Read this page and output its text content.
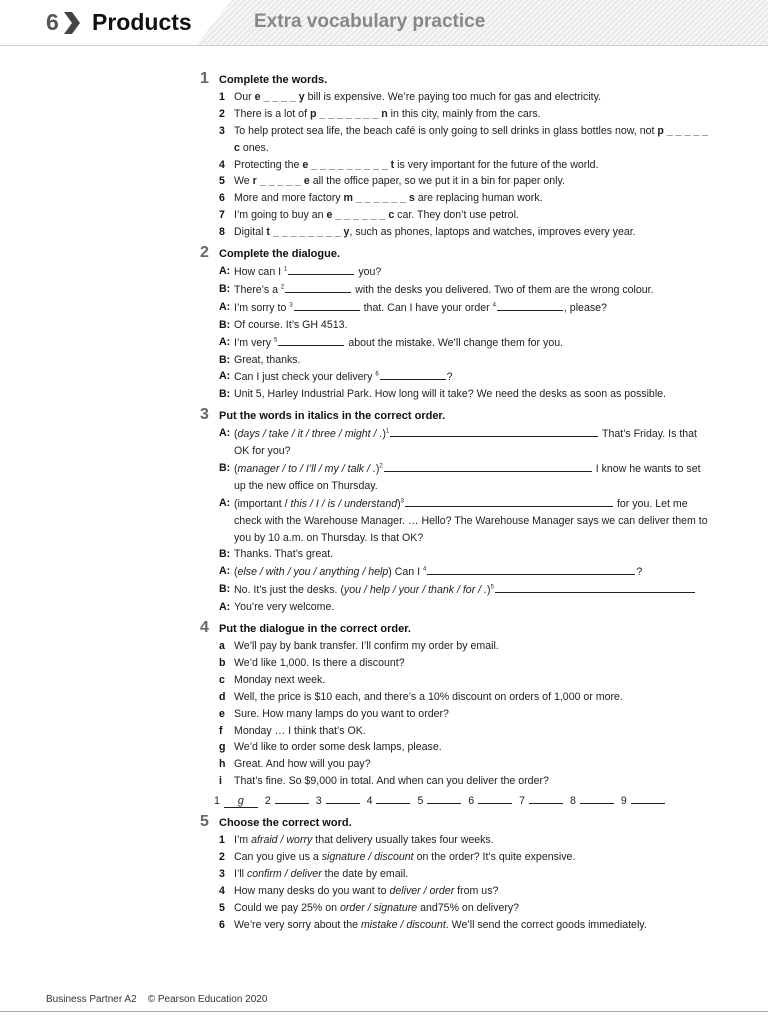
6 Products	Extra vocabulary practice
1 Complete the words.
1 Our e _ _ _ _ y bill is expensive. We’re paying too much for gas and electricity.
2 There is a lot of p _ _ _ _ _ _ _ n in this city, mainly from the cars.
3 To help protect sea life, the beach café is only going to sell drinks in glass bottles now, not p _ _ _ _ _ c ones.
4 Protecting the e _ _ _ _ _ _ _ _ _ t is very important for the future of the world.
5 We r _ _ _ _ _ e all the office paper, so we put it in a bin for paper only.
6 More and more factory m _ _ _ _ _ _ s are replacing human work.
7 I’m going to buy an e _ _ _ _ _ _ c car. They don’t use petrol.
8 Digital t _ _ _ _ _ _ _ _ y, such as phones, laptops and watches, improves every year.
2 Complete the dialogue.
A: How can I $^1$	you?
B: There’s a $^2$	with the desks you delivered. Two of them are the wrong colour.
A: I’m sorry to $^3$	that. Can I have your order $^4$	, please?
B: Of course. It’s GH 4513.
A: I’m very $^5$	about the mistake. We’ll change them for you.
B: Great, thanks.
A: Can I just check your delivery $^6$	?
B: Unit 5, Harley Industrial Park. How long will it take? We need the desks as soon as possible.
3 Put the words in italics in the correct order.
A: (days / take / it / three / might / .)$^1$	That’s Friday. Is that OK for you?
B: (manager / to / I’ll / my / talk / .)$^2$	I know he wants to set up the new office on Thursday.
A: (important / this / I / is / understand)$^3$	for you. Let me check with the Warehouse Manager. … Hello? The Warehouse Manager says we can deliver them to you by 10 a.m. on Thursday. Is that OK?
B: Thanks. That’s great.
A: (else / with / you / anything / help) Can I $^4$	?
B: No. It’s just the desks. (you / help / your / thank / for / .)$^5$
A: You’re very welcome.
4 Put the dialogue in the correct order.
a We’ll pay by bank transfer. I’ll confirm my order by email.
b We’d like 1,000. Is there a discount?
c Monday next week.
d Well, the price is $10 each, and there’s a 10% discount on orders of 1,000 or more.
e Sure. How many lamps do you want to order?
f Monday … I think that’s OK.
g We’d like to order some desk lamps, please.
h Great. And how will you pay?
i That’s fine. So $9,000 in total. And when can you deliver the order?
1 g 2	3	4	5	6	7	8	9
5 Choose the correct word.
1 I’m afraid / worry that delivery usually takes four weeks.
2 Can you give us a signature / discount on the order? It’s quite expensive.
3 I’ll confirm / deliver the date by email.
4 How many desks do you want to deliver / order from us?
5 Could we pay 25% on order / signature and75% on delivery?
6 We’re very sorry about the mistake / discount. We’ll send the correct goods immediately.
Business Partner A2 © Pearson Education 2020
